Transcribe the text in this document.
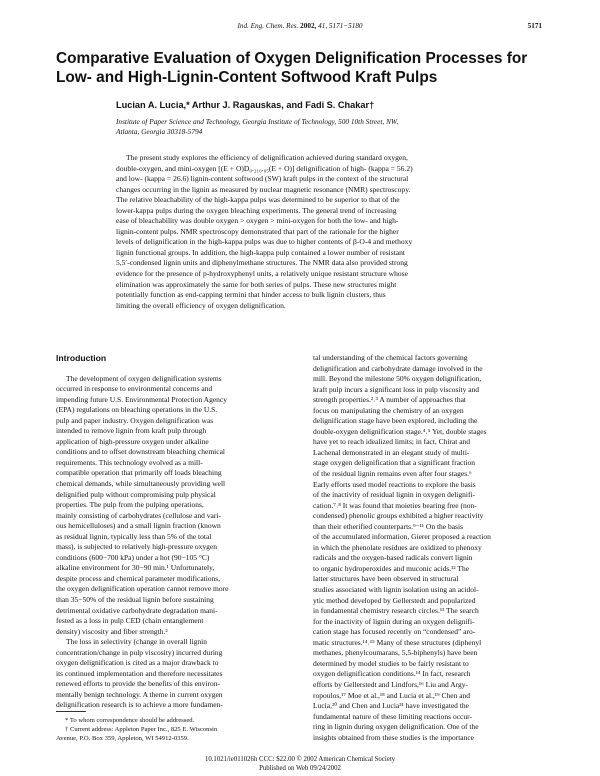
Ind. Eng. Chem. Res. 2002, 41, 5171−5180	5171
Comparative Evaluation of Oxygen Delignification Processes for
Low- and High-Lignin-Content Softwood Kraft Pulps
Lucian A. Lucia,* Arthur J. Ragauskas, and Fadi S. Chakar†
Institute of Paper Science and Technology, Georgia Institute of Technology, 500 10th Street, NW,
Atlanta, Georgia 30318-5794
The present study explores the efficiency of delignification achieved during standard oxygen,
double-oxygen, and mini-oxygen [(E + O)D₀.₂₁₀.₀₅(E + O)] delignification of high- (kappa = 56.2)
and low- (kappa = 26.6) lignin-content softwood (SW) kraft pulps in the context of the structural
changes occurring in the lignin as measured by nuclear magnetic resonance (NMR) spectroscopy.
The relative bleachability of the high-kappa pulps was determined to be superior to that of the
lower-kappa pulps during the oxygen bleaching experiments. The general trend of increasing
ease of bleachability was double oxygen > oxygen > mini-oxygen for both the low- and high-
lignin-content pulps. NMR spectroscopy demonstrated that part of the rationale for the higher
levels of delignification in the high-kappa pulps was due to higher contents of β-O-4 and methoxy
lignin functional groups. In addition, the high-kappa pulp contained a lower number of resistant
5,5′-condensed lignin units and diphenylmethane structures. The NMR data also provided strong
evidence for the presence of p-hydroxyphenyl units, a relatively unique resistant structure whose
elimination was approximately the same for both series of pulps. These new structures might
potentially function as end-capping termini that hinder access to bulk lignin clusters, thus
limiting the overall efficiency of oxygen delignification.
Introduction
The development of oxygen delignification systems
occurred in response to environmental concerns and
impending future U.S. Environmental Protection Agency
(EPA) regulations on bleaching operations in the U.S.
pulp and paper industry. Oxygen delignification was
intended to remove lignin from kraft pulp through
application of high-pressure oxygen under alkaline
conditions and to offset downstream bleaching chemical
requirements. This technology evolved as a mill-
compatible operation that primarily off loads bleaching
chemical demands, while simultaneously providing well
delignified pulp without compromising pulp physical
properties. The pulp from the pulping operations,
mainly consisting of carbohydrates (cellulose and vari-
ous hemicelluloses) and a small lignin fraction (known
as residual lignin, typically less than 5% of the total
mass), is subjected to relatively high-pressure oxygen
conditions (600−700 kPa) under a hot (90−105 °C)
alkaline environment for 30−90 min.¹ Unfortunately,
despite process and chemical parameter modifications,
the oxygen delignification operation cannot remove more
than 35−50% of the residual lignin before sustaining
detrimental oxidative carbohydrate degradation mani-
fested as a loss in pulp CED (chain entanglement
density) viscosity and fiber strength.²
The loss in selectivity (change in overall lignin
concentration/change in pulp viscosity) incurred during
oxygen delignification is cited as a major drawback to
its continued implementation and therefore necessitates
renewed efforts to provide the benefits of this environ-
mentally benign technology. A theme in current oxygen
delignification research is to achieve a more fundamen-
tal understanding of the chemical factors governing
delignification and carbohydrate damage involved in the
mill. Beyond the milestone 50% oxygen delignification,
kraft pulp incurs a significant loss in pulp viscosity and
strength properties.²˒³ A number of approaches that
focus on manipulating the chemistry of an oxygen
delignification stage have been explored, including the
double-oxygen delignification stage.⁴˒⁵ Yet, double stages
have yet to reach idealized limits; in fact, Chirat and
Lachenal demonstrated in an elegant study of multi-
stage oxygen delignification that a significant fraction
of the residual lignin remains even after four stages.⁶
Early efforts used model reactions to explore the basis
of the inactivity of residual lignin in oxygen delignifi-
cation.⁷˒⁸ It was found that moieties bearing free (non-
condensed) phenolic groups exhibited a higher reactivity
than their etherified counterparts.⁹⁻¹¹ On the basis
of the accumulated information, Gierer proposed a reaction
in which the phenolate residues are oxidized to phenoxy
radicals and the oxygen-based radicals convert lignin
to organic hydroperoxides and muconic acids.¹² The
latter structures have been observed in structural
studies associated with lignin isolation using an acidol-
ytic method developed by Gellerstedt and popularized
in fundamental chemistry research circles.¹³ The search
for the inactivity of lignin during an oxygen delignifi-
cation stage has focused recently on “condensed” aro-
matic structures.¹⁴˒¹⁵ Many of these structures (diphenyl
methanes, phenylcoumarans, 5,5-biphenyls) have been
determined by model studies to be fairly resistant to
oxygen delignification conditions.¹⁴ In fact, research
efforts by Gellerstedt and Lindfors,¹⁶ Liu and Argy-
ropoulos,¹⁷ Moe et al.,¹⁸ and Lucia et al.,¹⁹ Chen and
Lucia,²⁰ and Chen and Lucia²¹ have investigated the
fundamental nature of these limiting reactions occur-
ring in lignin during oxygen delignification. One of the
insights obtained from these studies is the importance
* To whom correspondence should be addressed.
† Current address: Appleton Paper Inc., 825 E. Wisconsin
Avenue, P.O. Box 359, Appleton, WI 54912-0359.
10.1021/ie011026h CCC: $22.00 © 2002 American Chemical Society
Published on Web 09/24/2002
